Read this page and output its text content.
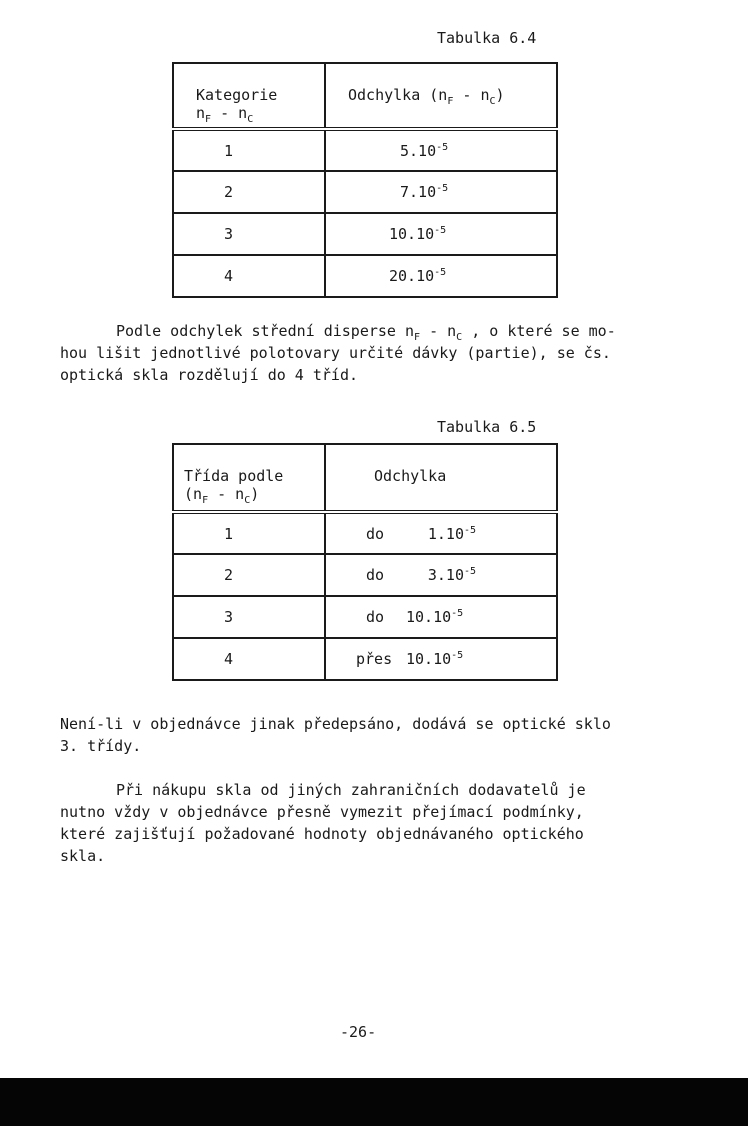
Tabulka 6.4
Kategorie
$n_F - n_C$	Odchylka $(n_F - n_C)$
1	$5.10^{-5}$
2	$7.10^{-5}$
3	$10.10^{-5}$
4	$20.10^{-5}$
Podle odchylek střední disperse $n_F - n_C$ , o které se mo-
hou lišit jednotlivé polotovary určité dávky (partie), se čs.
optická skla rozdělují do 4 tříd.
Tabulka 6.5
Třída podle
$(n_F - n_C)$	Odchylka
1	do $1.10^{-5}$
2	do $3.10^{-5}$
3	do $10.10^{-5}$
4	přes $10.10^{-5}$
Není-li v objednávce jinak předepsáno, dodává se optické sklo
3. třídy.
Při nákupu skla od jiných zahraničních dodavatelů je
nutno vždy v objednávce přesně vymezit přejímací podmínky,
které zajišťují požadované hodnoty objednávaného optického
skla.
-26-
